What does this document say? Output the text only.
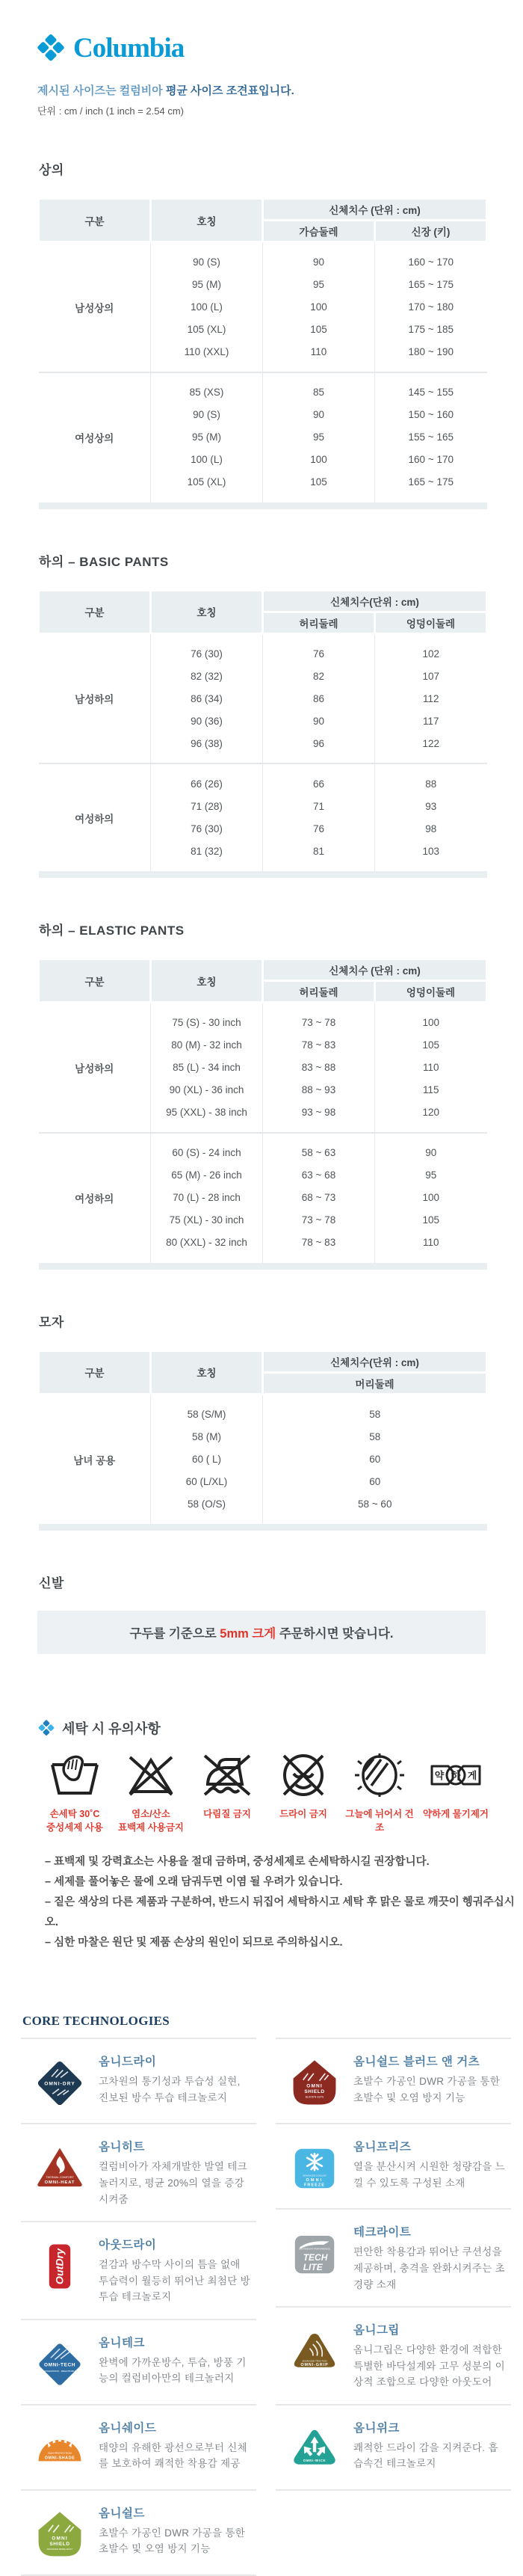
Columbia

제시된 사이즈는 컬럼비아 평균 사이즈 조견표입니다.

단위 : cm / inch (1 inch = 2.54 cm)

상의
구분	호칭	신체치수 (단위 : cm)	
		가슴둘레	신장 (키)
남성상의			
	90 (S)	90	160 ~ 170
	95 (M)	95	165 ~ 175
	100 (L)	100	170 ~ 180
	105 (XL)	105	175 ~ 185
	110 (XXL)	110	180 ~ 190

여성상의			
	85 (XS)	85	145 ~ 155
	90 (S)	90	150 ~ 160
	95 (M)	95	155 ~ 165
	100 (L)	100	160 ~ 170
	105 (XL)	105	165 ~ 175

하의 – BASIC PANTS
구분	호칭	신체치수(단위 : cm)	
		허리둘레	엉덩이둘레
남성하의			
	76 (30)	76	102
	82 (32)	82	107
	86 (34)	86	112
	90 (36)	90	117
	96 (38)	96	122

여성하의			
	66 (26)	66	88
	71 (28)	71	93
	76 (30)	76	98
	81 (32)	81	103

하의 – ELASTIC PANTS
구분	호칭	신체치수 (단위 : cm)	
		허리둘레	엉덩이둘레
남성하의			
	75 (S) - 30 inch	73 ~ 78	100
	80 (M) - 32 inch	78 ~ 83	105
	85 (L) - 34 inch	83 ~ 88	110
	90 (XL) - 36 inch	88 ~ 93	115
	95 (XXL) - 38 inch	93 ~ 98	120

여성하의			
	60 (S) - 24 inch	58 ~ 63	90
	65 (M) - 26 inch	63 ~ 68	95
	70 (L) - 28 inch	68 ~ 73	100
	75 (XL) - 30 inch	73 ~ 78	105
	80 (XXL) - 32 inch	78 ~ 83	110

모자
구분	호칭	신체치수(단위 : cm)
		머리둘레
남녀 공용		
	58 (S/M)	58
	58 (M)	58
	60 ( L)	60
	60 (L/XL)	60
	58 (O/S)	58 ~ 60

신발
구두를 기준으로 5mm 크게 주문하시면 맞습니다.
세탁 시 유의사항
손세탁 30˚C
중성세제 사용
염소/산소
표백제 사용금지
다림질 금지	드라이 금지	그늘에 뉘어서 건조
약 하 게
약하게 물기제거
– 표백제 및 강력효소는 사용을 절대 금하며, 중성세제로 손세탁하시길 권장합니다.
– 세제를 풀어놓은 물에 오래 담궈두면 이염 될 우려가 있습니다.
– 짙은 색상의 다른 제품과 구분하여, 반드시 뒤집어 세탁하시고 세탁 후 맑은 물로 깨끗이 헹궈주십시오.
– 심한 마찰은 원단 및 제품 손상의 원인이 되므로 주의하십시오.
CORE TECHNOLOGIES
OMNI-DRY
옴니드라이
고차원의 통기성과 투습성 실현, 진보된 방수 투습 테크놀로지
THERMAL COMFORT
OMNI-HEAT
옴니히트
컬럼비아가 자체개발한 발열 테크놀러지로, 평균 20%의 열을 증강시켜줌
OutDry
아웃드라이
겉감과 방수막 사이의 틈을 없애 투습력이 월등히 뛰어난 최첨단 방투습 테크놀로지
OMNI-TECH
WATERPROOF · BREATHABLE
옴니테크
완벽에 가까운방수, 투습, 방풍 기능의 컬럼비아만의 테크놀러지
SUN PROTECTION
OMNI-SHADE
옴니쉐이드
태양의 유해한 광선으로부터 신체를 보호하여 쾌적한 착용감 제공
OMNI
SHIELD
ADVANCED REPELLENCY
옴니쉴드
초발수 가공인 DWR 가공을 통한 초발수 및 오염 방지 기능
OMNI
SHIELD
BLOOD'N GUTS
옴니쉴드 블러드 앤 거츠
초발수 가공인 DWR 가공을 통한 초발수 및 오염 방지 기능
ADVANCED COOLING
OMNI
FREEZE
옴니프리즈
열을 분산시켜 시원한 청량감을 느낄 수 있도록 구성된 소재
LIGHTWEIGHT PERFORMANCE
TECH
LITE
테크라이트
편안한 착용감과 뛰어난 쿠션성을 제공하며, 충격을 완화시켜주는 초경량 소재
ADVANCED TRACTION
OMNI-GRIP
옴니그립
옴니그립은 다양한 환경에 적합한 특별한 바닥설계와 고무 성분의 이상적 조합으로 다양한 아웃도어
OMNI-WICK
옴니위크
쾌적한 드라이 감을 지켜준다. 흡습속건 테크놀로지
